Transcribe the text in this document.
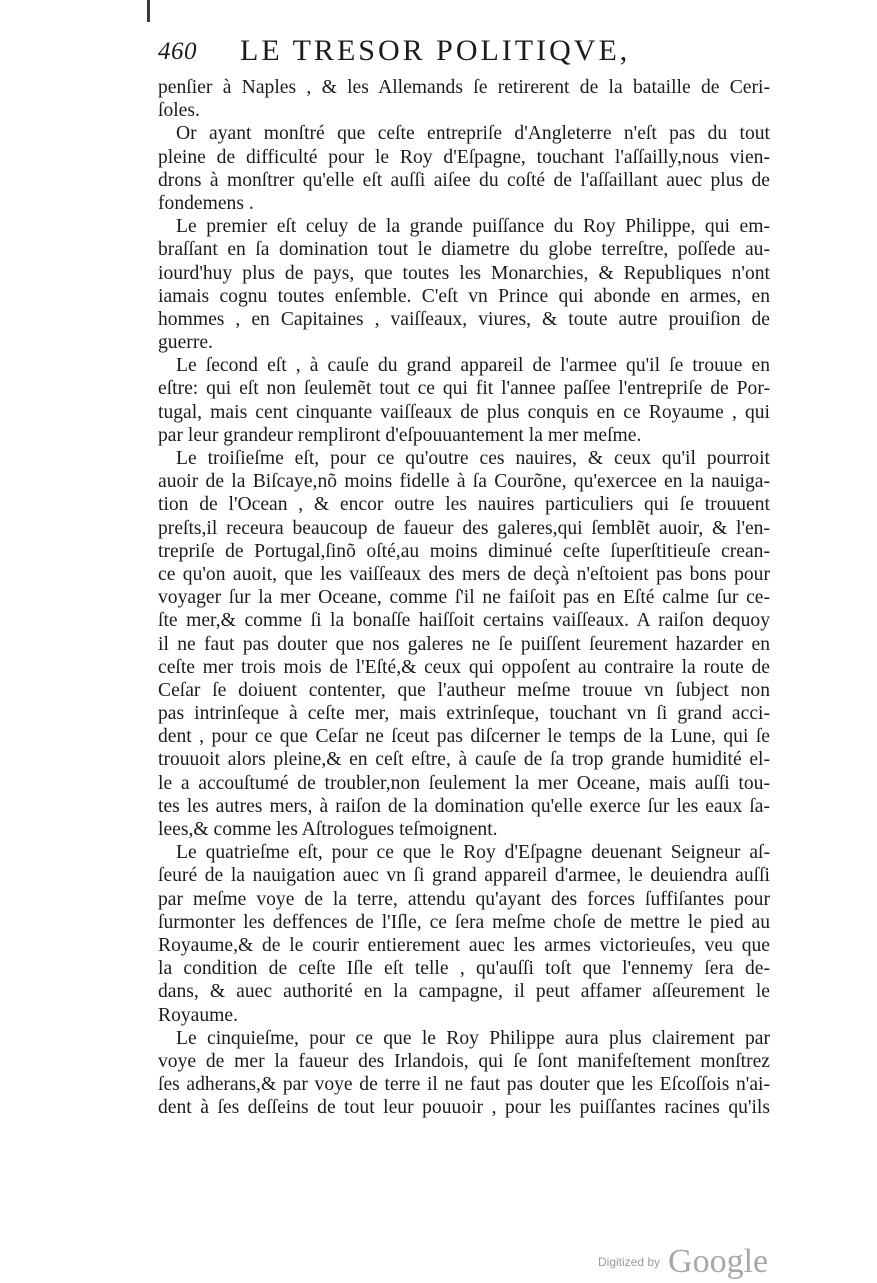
460 LE TRESOR POLITIQVE,
penſier à Naples , & les Allemands ſe retirerent de la bataille de Ceri-
ſoles.
Or ayant monſtré que ceſte entrepriſe d'Angleterre n'eſt pas du tout
pleine de difficulté pour le Roy d'Eſpagne, touchant l'aſſailly,nous vien-
drons à monſtrer qu'elle eſt auſſi aiſee du coſté de l'aſſaillant auec plus de
fondemens .
Le premier eſt celuy de la grande puiſſance du Roy Philippe, qui em-
braſſant en ſa domination tout le diametre du globe terreſtre, poſſede au-
iourd'huy plus de pays, que toutes les Monarchies, & Republiques n'ont
iamais cognu toutes enſemble. C'eſt vn Prince qui abonde en armes, en
hommes , en Capitaines , vaiſſeaux, viures, & toute autre prouiſion de
guerre.
Le ſecond eſt , à cauſe du grand appareil de l'armee qu'il ſe trouue en
eſtre: qui eſt non ſeulemẽt tout ce qui fit l'annee paſſee l'entrepriſe de Por-
tugal, mais cent cinquante vaiſſeaux de plus conquis en ce Royaume , qui
par leur grandeur rempliront d'eſpouuantement la mer meſme.
Le troiſieſme eſt, pour ce qu'outre ces nauires, & ceux qu'il pourroit
auoir de la Biſcaye,nõ moins fidelle à ſa Courõne, qu'exercee en la nauiga-
tion de l'Ocean , & encor outre les nauires particuliers qui ſe trouuent
preſts,il receura beaucoup de faueur des galeres,qui ſemblẽt auoir, & l'en-
trepriſe de Portugal,ſinõ oſté,au moins diminué ceſte ſuperſtitieuſe crean-
ce qu'on auoit, que les vaiſſeaux des mers de deçà n'eſtoient pas bons pour
voyager ſur la mer Oceane, comme ſ'il ne faiſoit pas en Eſté calme ſur ce-
ſte mer,& comme ſi la bonaſſe haiſſoit certains vaiſſeaux. A raiſon dequoy
il ne faut pas douter que nos galeres ne ſe puiſſent ſeurement hazarder en
ceſte mer trois mois de l'Eſté,& ceux qui oppoſent au contraire la route de
Ceſar ſe doiuent contenter, que l'autheur meſme trouue vn ſubject non
pas intrinſeque à ceſte mer, mais extrinſeque, touchant vn ſi grand acci-
dent , pour ce que Ceſar ne ſceut pas diſcerner le temps de la Lune, qui ſe
trouuoit alors pleine,& en ceſt eſtre, à cauſe de ſa trop grande humidité el-
le a accouſtumé de troubler,non ſeulement la mer Oceane, mais auſſi tou-
tes les autres mers, à raiſon de la domination qu'elle exerce ſur les eaux ſa-
lees,& comme les Aſtrologues teſmoignent.
Le quatrieſme eſt, pour ce que le Roy d'Eſpagne deuenant Seigneur aſ-
ſeuré de la nauigation auec vn ſi grand appareil d'armee, le deuiendra auſſi
par meſme voye de la terre, attendu qu'ayant des forces ſuffiſantes pour
ſurmonter les deffences de l'Iſle, ce ſera meſme choſe de mettre le pied au
Royaume,& de le courir entierement auec les armes victorieuſes, veu que
la condition de ceſte Iſle eſt telle , qu'auſſi toſt que l'ennemy ſera de-
dans, & auec authorité en la campagne, il peut affamer aſſeurement le
Royaume.
Le cinquieſme, pour ce que le Roy Philippe aura plus clairement par
voye de mer la faueur des Irlandois, qui ſe ſont manifeſtement monſtrez
ſes adherans,& par voye de terre il ne faut pas douter que les Eſcoſſois n'ai-
dent à ſes deſſeins de tout leur pouuoir , pour les puiſſantes racines qu'ils
Digitized by Google
